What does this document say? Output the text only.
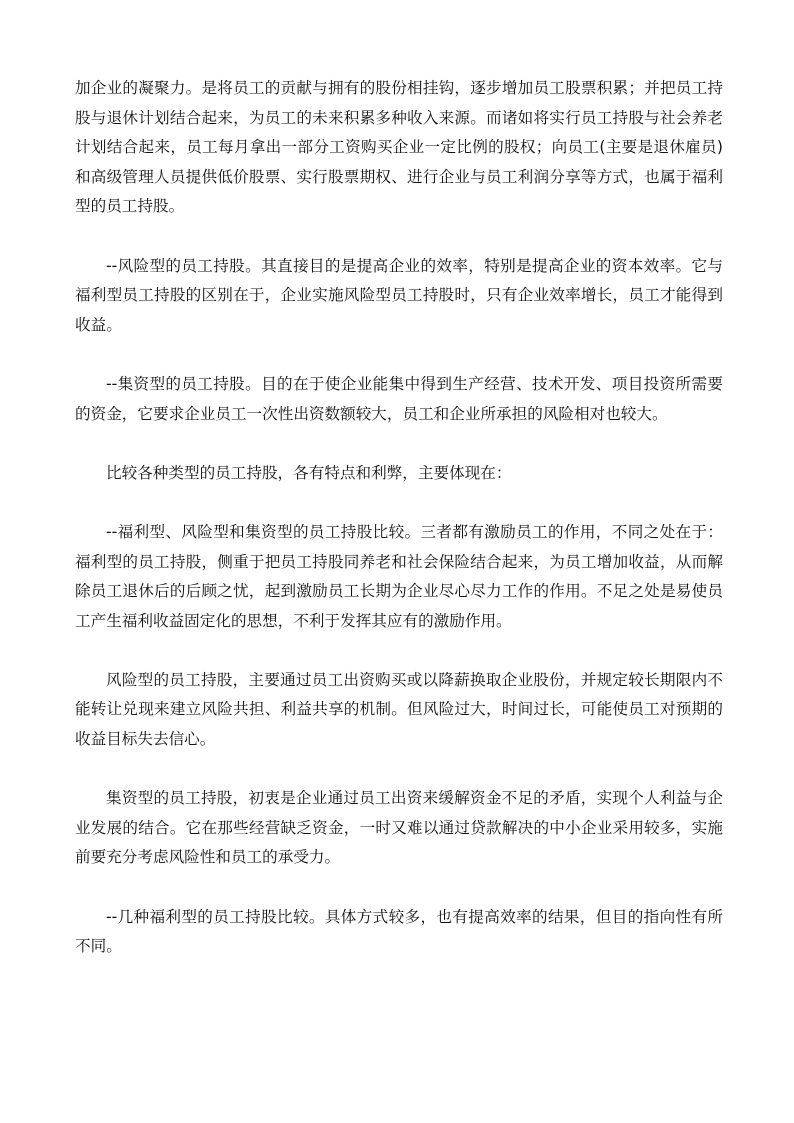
加企业的凝聚力。是将员工的贡献与拥有的股份相挂钩，逐步增加员工股票积累；并把员工持股与退休计划结合起来，为员工的未来积累多种收入来源。而诸如将实行员工持股与社会养老计划结合起来，员工每月拿出一部分工资购买企业一定比例的股权；向员工(主要是退休雇员)和高级管理人员提供低价股票、实行股票期权、进行企业与员工利润分享等方式，也属于福利型的员工持股。

--风险型的员工持股。其直接目的是提高企业的效率，特别是提高企业的资本效率。它与福利型员工持股的区别在于，企业实施风险型员工持股时，只有企业效率增长，员工才能得到收益。

--集资型的员工持股。目的在于使企业能集中得到生产经营、技术开发、项目投资所需要的资金，它要求企业员工一次性出资数额较大，员工和企业所承担的风险相对也较大。

比较各种类型的员工持股，各有特点和利弊，主要体现在：

--福利型、风险型和集资型的员工持股比较。三者都有激励员工的作用，不同之处在于：福利型的员工持股，侧重于把员工持股同养老和社会保险结合起来，为员工增加收益，从而解除员工退休后的后顾之忧，起到激励员工长期为企业尽心尽力工作的作用。不足之处是易使员工产生福利收益固定化的思想，不利于发挥其应有的激励作用。

风险型的员工持股，主要通过员工出资购买或以降薪换取企业股份，并规定较长期限内不能转让兑现来建立风险共担、利益共享的机制。但风险过大，时间过长，可能使员工对预期的收益目标失去信心。

集资型的员工持股，初衷是企业通过员工出资来缓解资金不足的矛盾，实现个人利益与企业发展的结合。它在那些经营缺乏资金，一时又难以通过贷款解决的中小企业采用较多，实施前要充分考虑风险性和员工的承受力。

--几种福利型的员工持股比较。具体方式较多，也有提高效率的结果，但目的指向性有所不同。
